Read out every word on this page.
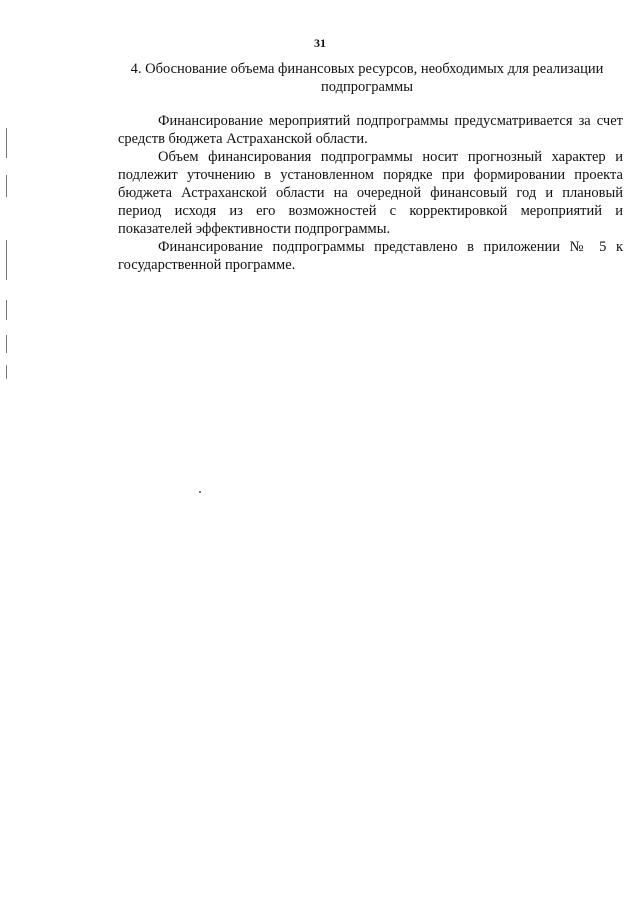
31
4. Обоснование объема финансовых ресурсов, необходимых для реализации
подпрограммы

Финансирование мероприятий подпрограммы предусматривается за счет средств бюджета Астраханской области.

Объем финансирования подпрограммы носит прогнозный характер и подлежит уточнению в установленном порядке при формировании проекта бюджета Астраханской области на очередной финансовый год и плановый период исходя из его возможностей с корректировкой мероприятий и показателей эффективности подпрограммы.

Финансирование подпрограммы представлено в приложении № 5 к государственной программе.
